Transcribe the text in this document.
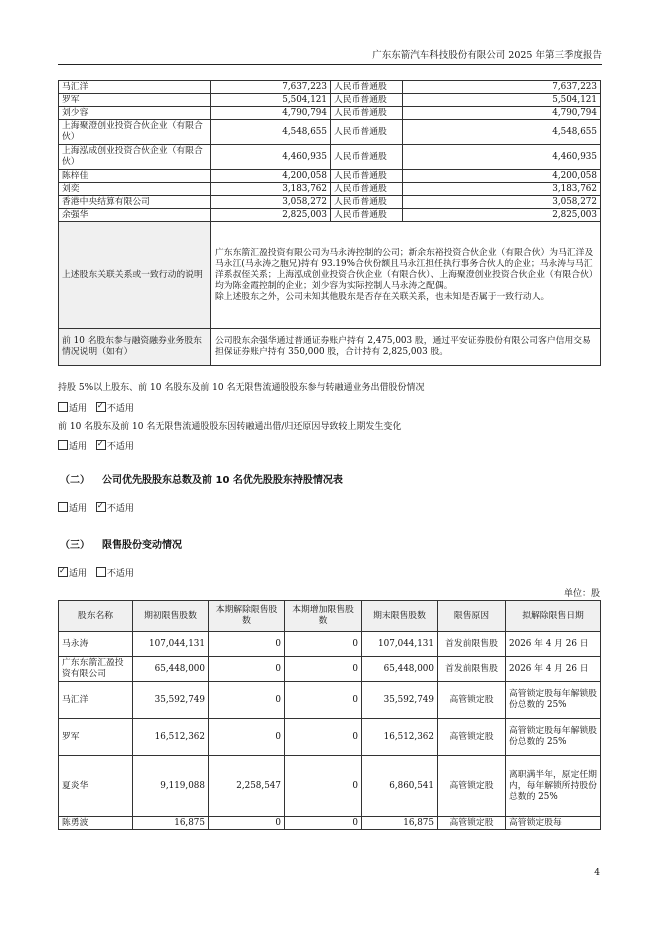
广东东箭汽车科技股份有限公司 2025 年第三季度报告
马汇洋	7,637,223	人民币普通股	7,637,223
罗军	5,504,121	人民币普通股	5,504,121
刘少容	4,790,794	人民币普通股	4,790,794
上海聚澄创业投资合伙企业（有限合伙）	4,548,655	人民币普通股	4,548,655
上海泓成创业投资合伙企业（有限合伙）	4,460,935	人民币普通股	4,460,935
陈梓佳	4,200,058	人民币普通股	4,200,058
刘奕	3,183,762	人民币普通股	3,183,762
香港中央结算有限公司	3,058,272	人民币普通股	3,058,272
余强华	2,825,003	人民币普通股	2,825,003
上述股东关联关系或一致行动的说明	广东东箭汇盈投资有限公司为马永涛控制的公司；新余东裕投资合伙企业（有限合伙）为马汇洋及马永江(马永涛之胞兄)持有 93.19%合伙份额且马永江担任执行事务合伙人的企业；马永涛与马汇洋系叔侄关系；上海泓成创业投资合伙企业（有限合伙）、上海聚澄创业投资合伙企业（有限合伙）均为陈金霞控制的企业；刘少容为实际控制人马永涛之配偶。
除上述股东之外，公司未知其他股东是否存在关联关系，也未知是否属于一致行动人。		

前 10 名股东参与融资融券业务股东情况说明（如有）	公司股东余强华通过普通证券账户持有 2,475,003 股，通过平安证券股份有限公司客户信用交易担保证券账户持有 350,000 股，合计持有 2,825,003 股。		
持股 5%以上股东、前 10 名股东及前 10 名无限售流通股股东参与转融通业务出借股份情况
适用 ✓ 不适用
前 10 名股东及前 10 名无限售流通股股东因转融通出借/归还原因导致较上期发生变化
适用 ✓ 不适用
（二） 公司优先股股东总数及前 10 名优先股股东持股情况表
适用 ✓ 不适用
（三） 限售股份变动情况
✓适用 不适用
单位：股
股东名称	期初限售股数	本期解除限售股数	本期增加限售股数	期末限售股数	限售原因	拟解除限售日期
马永涛	107,044,131	0	0	107,044,131	首发前限售股	2026 年 4 月 26 日
广东东箭汇盈投资有限公司	65,448,000	0	0	65,448,000	首发前限售股	2026 年 4 月 26 日
马汇洋	35,592,749	0	0	35,592,749	高管锁定股	高管锁定股每年解锁股份总数的 25%
罗军	16,512,362	0	0	16,512,362	高管锁定股	高管锁定股每年解锁股份总数的 25%
夏炎华	9,119,088	2,258,547	0	6,860,541	高管锁定股	离职满半年，原定任期内，每年解锁所持股份总数的 25%
陈勇波	16,875	0	0	16,875	高管锁定股	高管锁定股每
4
